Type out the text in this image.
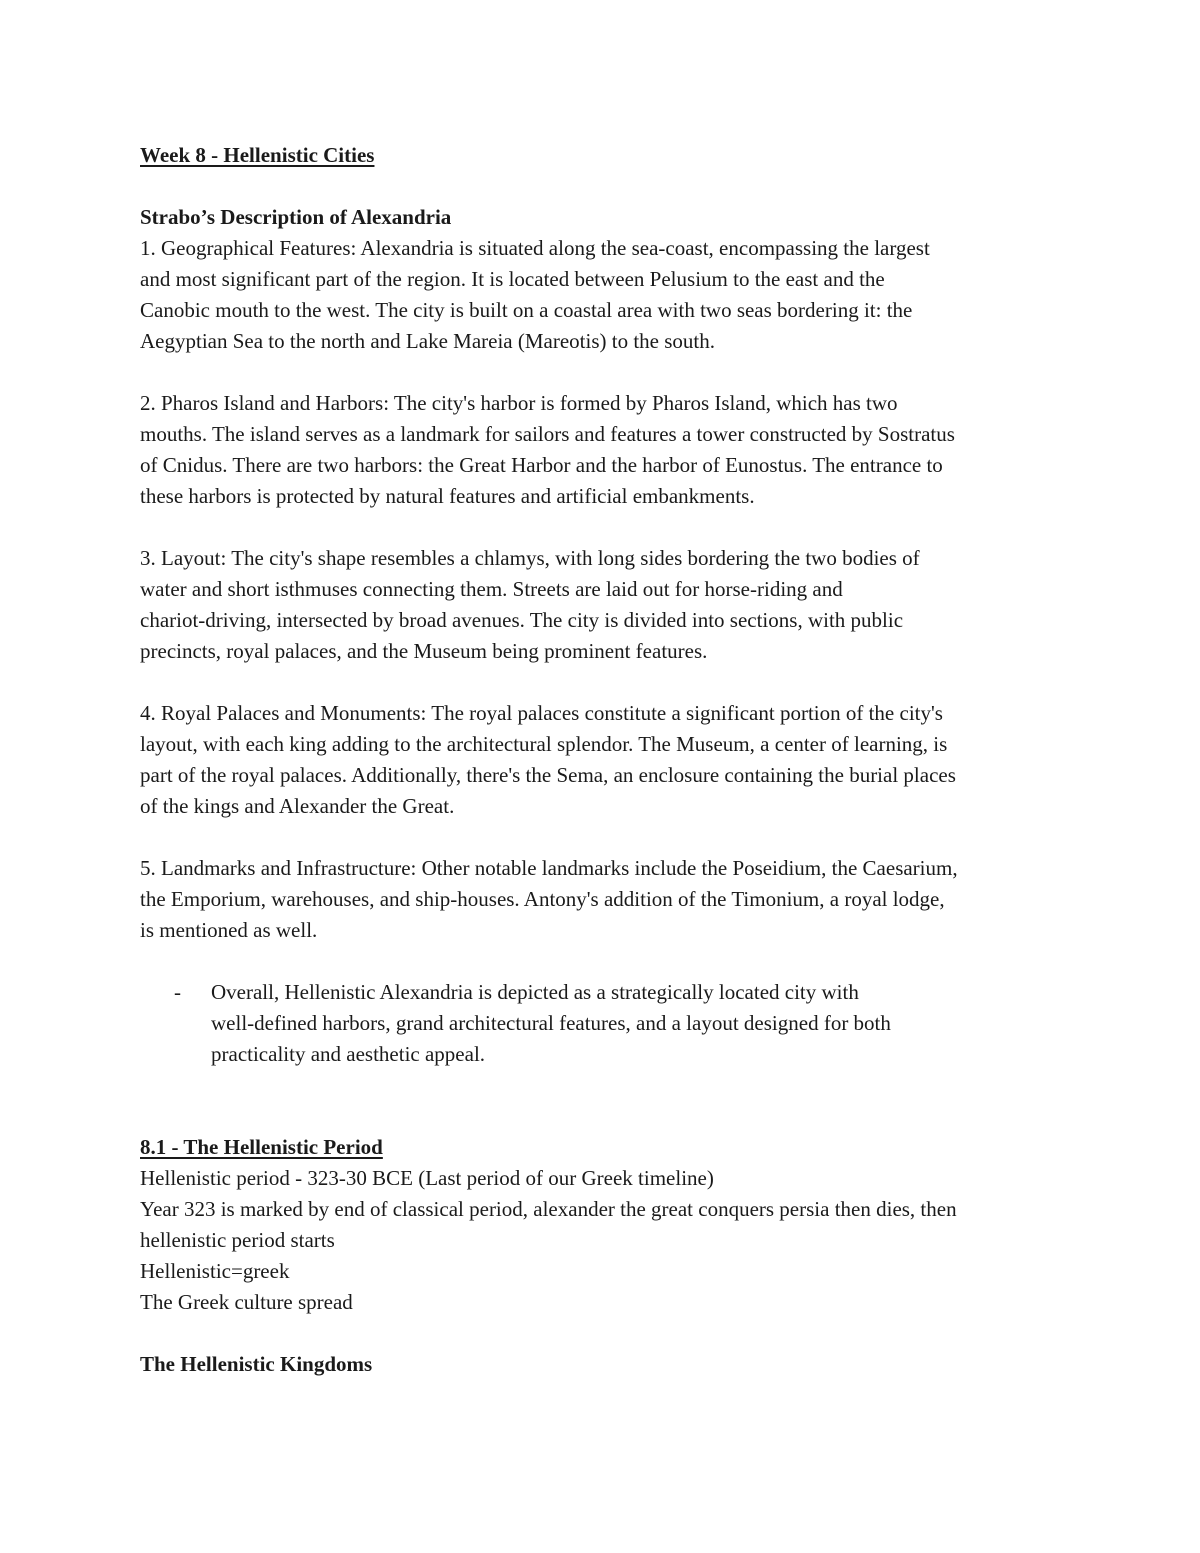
Week 8 - Hellenistic Cities
Strabo’s Description of Alexandria
1. Geographical Features: Alexandria is situated along the sea-coast, encompassing the largest
and most significant part of the region. It is located between Pelusium to the east and the
Canobic mouth to the west. The city is built on a coastal area with two seas bordering it: the
Aegyptian Sea to the north and Lake Mareia (Mareotis) to the south.
2. Pharos Island and Harbors: The city's harbor is formed by Pharos Island, which has two
mouths. The island serves as a landmark for sailors and features a tower constructed by Sostratus
of Cnidus. There are two harbors: the Great Harbor and the harbor of Eunostus. The entrance to
these harbors is protected by natural features and artificial embankments.
3. Layout: The city's shape resembles a chlamys, with long sides bordering the two bodies of
water and short isthmuses connecting them. Streets are laid out for horse-riding and
chariot-driving, intersected by broad avenues. The city is divided into sections, with public
precincts, royal palaces, and the Museum being prominent features.
4. Royal Palaces and Monuments: The royal palaces constitute a significant portion of the city's
layout, with each king adding to the architectural splendor. The Museum, a center of learning, is
part of the royal palaces. Additionally, there's the Sema, an enclosure containing the burial places
of the kings and Alexander the Great.
5. Landmarks and Infrastructure: Other notable landmarks include the Poseidium, the Caesarium,
the Emporium, warehouses, and ship-houses. Antony's addition of the Timonium, a royal lodge,
is mentioned as well.
- Overall, Hellenistic Alexandria is depicted as a strategically located city with
well-defined harbors, grand architectural features, and a layout designed for both
practicality and aesthetic appeal.
8.1 - The Hellenistic Period
Hellenistic period - 323-30 BCE (Last period of our Greek timeline)
Year 323 is marked by end of classical period, alexander the great conquers persia then dies, then
hellenistic period starts
Hellenistic=greek
The Greek culture spread
The Hellenistic Kingdoms
